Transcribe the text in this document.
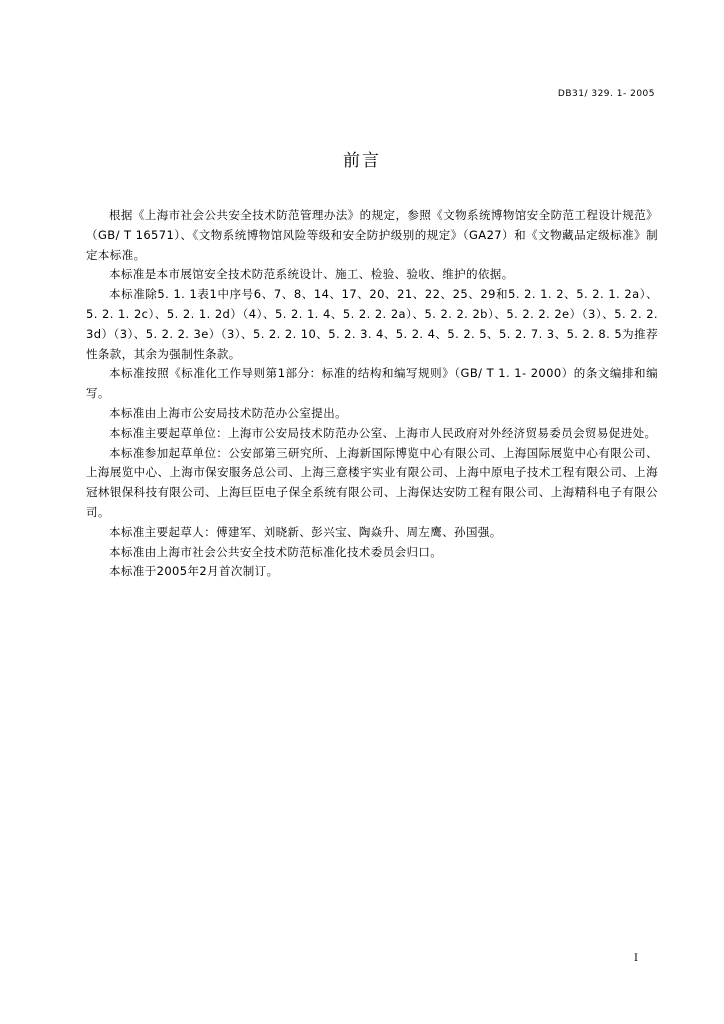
DB31/ 329. 1- 2005
前言

根据《上海市社会公共安全技术防范管理办法》的规定，参照《文物系统博物馆安全防范工程设计规范》（GB/ T 16571）、《文物系统博物馆风险等级和安全防护级别的规定》（GA27）和《文物藏品定级标准》制定本标准。

本标准是本市展馆安全技术防范系统设计、施工、检验、验收、维护的依据。

本标准除5. 1. 1表1中序号6、7、8、14、17、20、21、22、25、29和5. 2. 1. 2、5. 2. 1. 2a）、5. 2. 1. 2c）、5. 2. 1. 2d）（4）、5. 2. 1. 4、5. 2. 2. 2a）、5. 2. 2. 2b）、5. 2. 2. 2e）（3）、5. 2. 2. 3d）（3）、5. 2. 2. 3e）（3）、5. 2. 2. 10、5. 2. 3. 4、5. 2. 4、5. 2. 5、5. 2. 7. 3、5. 2. 8. 5为推荐性条款，其余为强制性条款。

本标准按照《标准化工作导则第1部分：标准的结构和编写规则》（GB/ T 1. 1- 2000）的条文编排和编写。

本标准由上海市公安局技术防范办公室提出。

本标准主要起草单位：上海市公安局技术防范办公室、上海市人民政府对外经济贸易委员会贸易促进处。

本标准参加起草单位：公安部第三研究所、上海新国际博览中心有限公司、上海国际展览中心有限公司、上海展览中心、上海市保安服务总公司、上海三意楼宇实业有限公司、上海中原电子技术工程有限公司、上海冠林银保科技有限公司、上海巨臣电子保全系统有限公司、上海保达安防工程有限公司、上海精科电子有限公司。

本标准主要起草人：傅建军、刘晓新、彭兴宝、陶焱升、周左鹰、孙国强。

本标准由上海市社会公共安全技术防范标准化技术委员会归口。

本标准于2005年2月首次制订。

I
